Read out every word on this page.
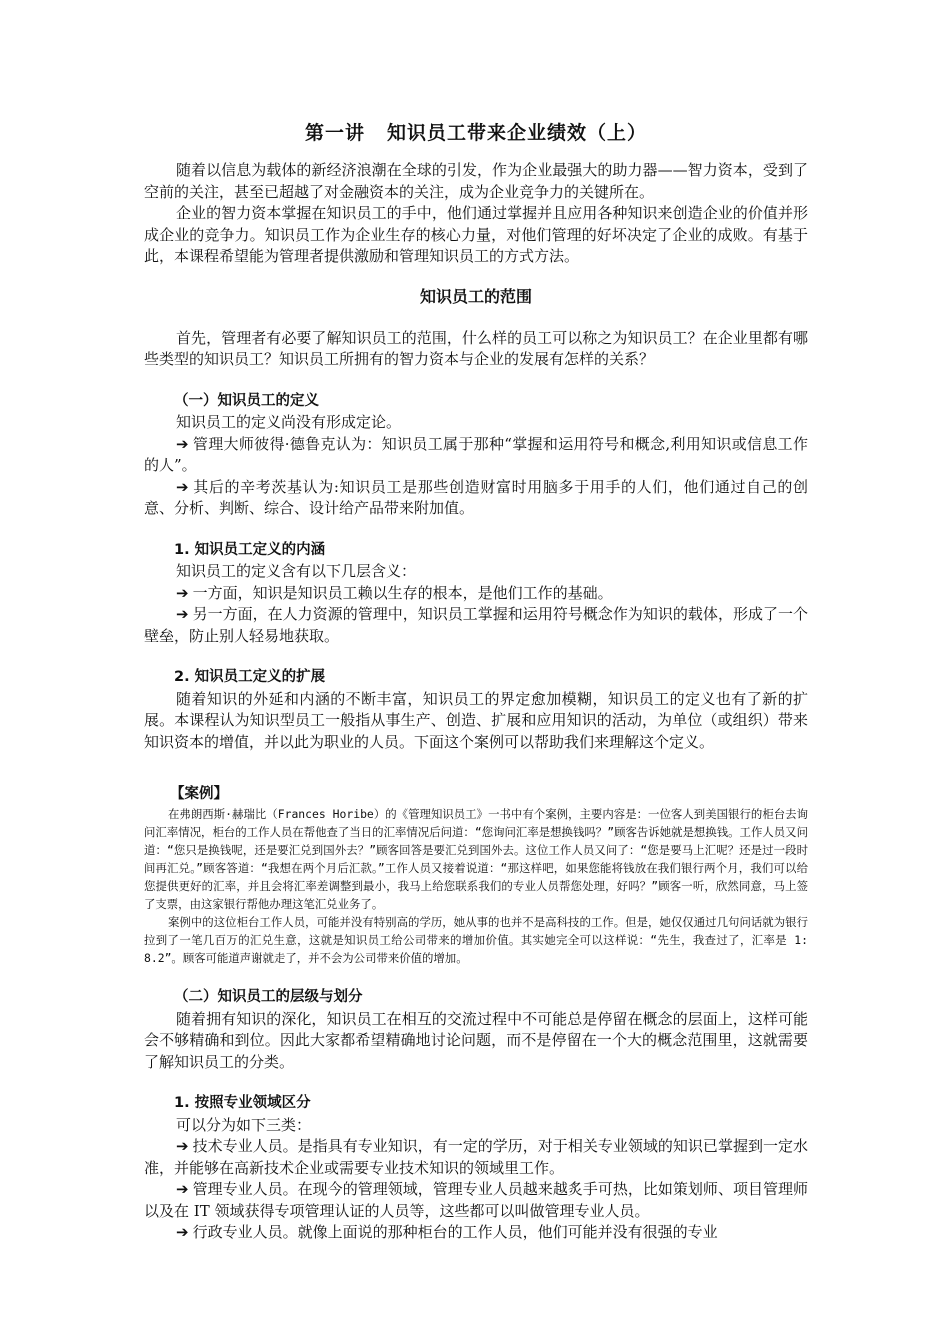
第一讲 知识员工带来企业绩效（上）

随着以信息为载体的新经济浪潮在全球的引发，作为企业最强大的助力器——智力资本，受到了空前的关注，甚至已超越了对金融资本的关注，成为企业竞争力的关键所在。

企业的智力资本掌握在知识员工的手中，他们通过掌握并且应用各种知识来创造企业的价值并形成企业的竞争力。知识员工作为企业生存的核心力量，对他们管理的好坏决定了企业的成败。有基于此，本课程希望能为管理者提供激励和管理知识员工的方式方法。

知识员工的范围

首先，管理者有必要了解知识员工的范围，什么样的员工可以称之为知识员工？在企业里都有哪些类型的知识员工？知识员工所拥有的智力资本与企业的发展有怎样的关系？

（一）知识员工的定义

知识员工的定义尚没有形成定论。

➔ 管理大师彼得·德鲁克认为：知识员工属于那种“掌握和运用符号和概念,利用知识或信息工作的人”。

➔ 其后的辛考茨基认为:知识员工是那些创造财富时用脑多于用手的人们，他们通过自己的创意、分析、判断、综合、设计给产品带来附加值。

1. 知识员工定义的内涵

知识员工的定义含有以下几层含义：

➔ 一方面，知识是知识员工赖以生存的根本，是他们工作的基础。

➔ 另一方面，在人力资源的管理中，知识员工掌握和运用符号概念作为知识的载体，形成了一个壁垒，防止别人轻易地获取。

2. 知识员工定义的扩展

随着知识的外延和内涵的不断丰富，知识员工的界定愈加模糊，知识员工的定义也有了新的扩展。本课程认为知识型员工一般指从事生产、创造、扩展和应用知识的活动，为单位（或组织）带来知识资本的增值，并以此为职业的人员。下面这个案例可以帮助我们来理解这个定义。

【案例】

在弗朗西斯·赫瑞比（Frances Horibe）的《管理知识员工》一书中有个案例，主要内容是：一位客人到美国银行的柜台去询问汇率情况，柜台的工作人员在帮他查了当日的汇率情况后问道：“您询问汇率是想换钱吗？”顾客告诉她就是想换钱。工作人员又问道：“您只是换钱呢，还是要汇兑到国外去？”顾客回答是要汇兑到国外去。这位工作人员又问了：“您是要马上汇呢？还是过一段时间再汇兑。”顾客答道：“我想在两个月后汇款。”工作人员又接着说道：“那这样吧，如果您能将钱放在我们银行两个月，我们可以给您提供更好的汇率，并且会将汇率差调整到最小，我马上给您联系我们的专业人员帮您处理，好吗？”顾客一听，欣然同意，马上签了支票，由这家银行帮他办理这笔汇兑业务了。

案例中的这位柜台工作人员，可能并没有特别高的学历，她从事的也并不是高科技的工作。但是，她仅仅通过几句问话就为银行拉到了一笔几百万的汇兑生意，这就是知识员工给公司带来的增加价值。其实她完全可以这样说：“先生，我查过了，汇率是 1: 8.2”。顾客可能道声谢就走了，并不会为公司带来价值的增加。

（二）知识员工的层级与划分

随着拥有知识的深化，知识员工在相互的交流过程中不可能总是停留在概念的层面上，这样可能会不够精确和到位。因此大家都希望精确地讨论问题，而不是停留在一个大的概念范围里，这就需要了解知识员工的分类。

1. 按照专业领域区分

可以分为如下三类：

➔ 技术专业人员。是指具有专业知识，有一定的学历，对于相关专业领域的知识已掌握到一定水准，并能够在高新技术企业或需要专业技术知识的领域里工作。

➔ 管理专业人员。在现今的管理领域，管理专业人员越来越炙手可热，比如策划师、项目管理师以及在 IT 领域获得专项管理认证的人员等，这些都可以叫做管理专业人员。

➔ 行政专业人员。就像上面说的那种柜台的工作人员，他们可能并没有很强的专业
